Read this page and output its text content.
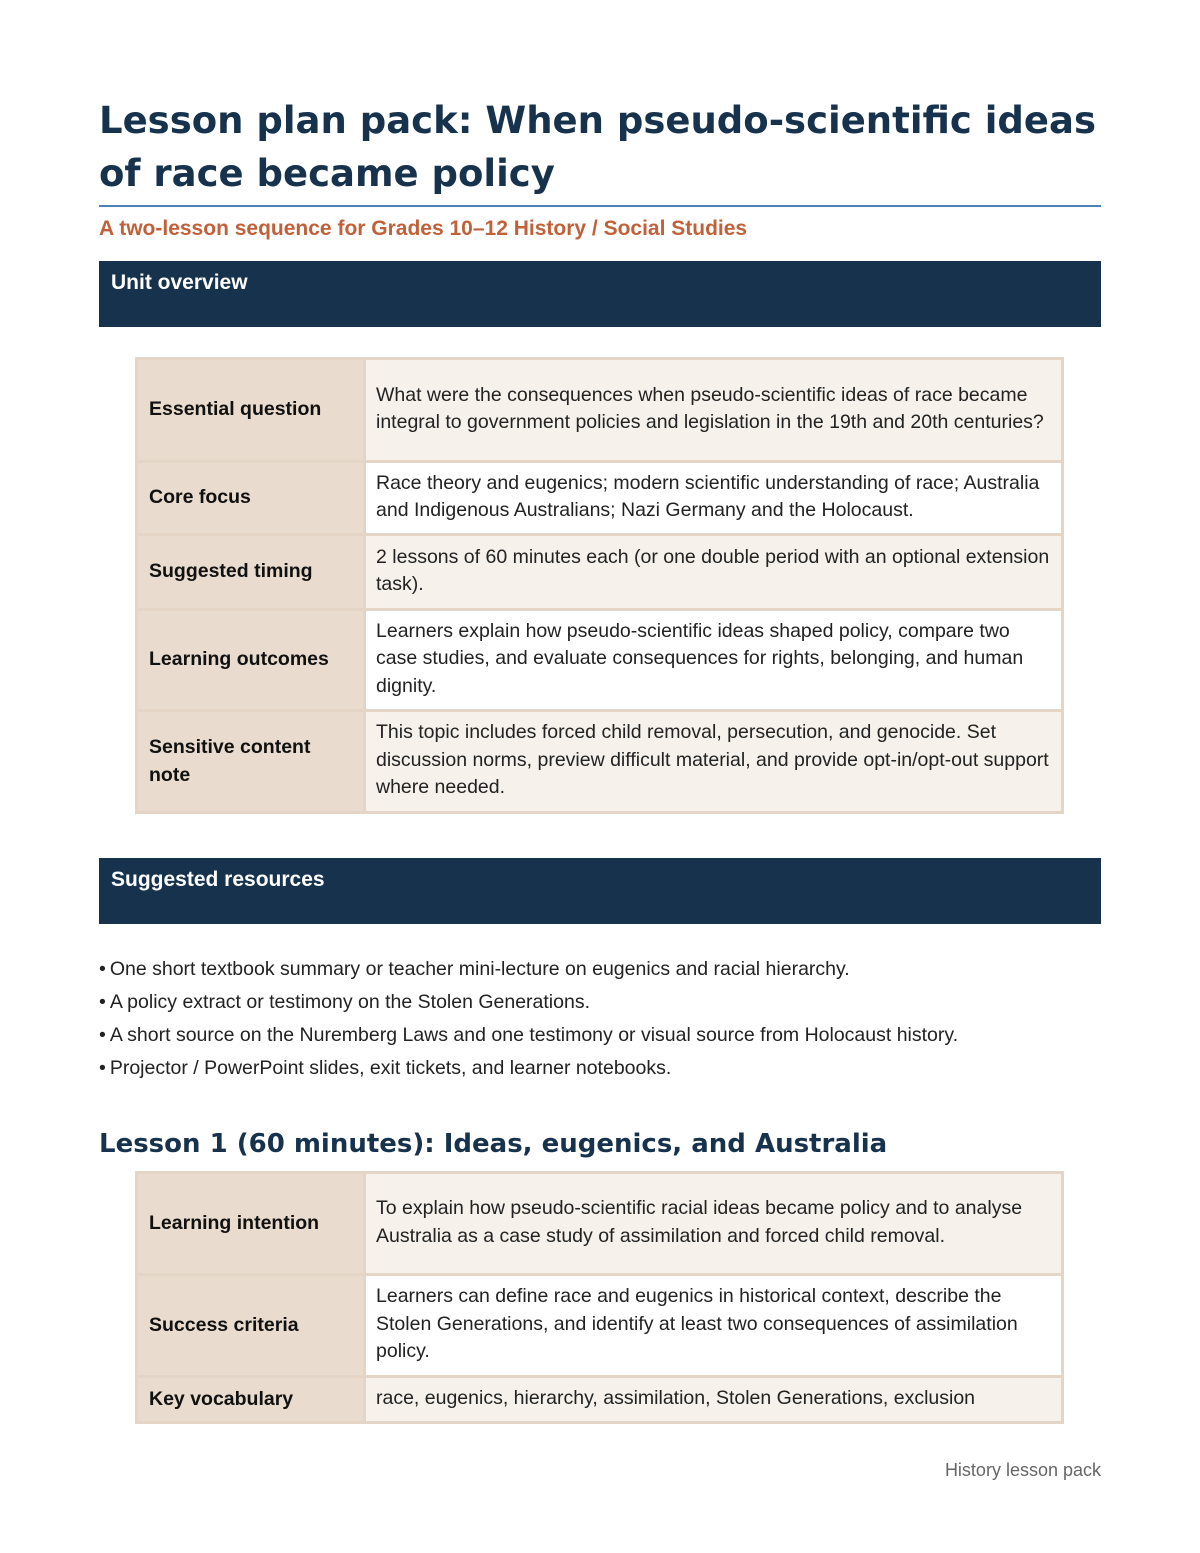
Lesson plan pack: When pseudo-scientific ideas of race became policy

A two-lesson sequence for Grades 10–12 History / Social Studies

Unit overview
Essential question	What were the consequences when pseudo-scientific ideas of race became integral to government policies and legislation in the 19th and 20th centuries?
Core focus	Race theory and eugenics; modern scientific understanding of race; Australia and Indigenous Australians; Nazi Germany and the Holocaust.
Suggested timing	2 lessons of 60 minutes each (or one double period with an optional extension task).
Learning outcomes	Learners explain how pseudo-scientific ideas shaped policy, compare two case studies, and evaluate consequences for rights, belonging, and human dignity.
Sensitive content note	This topic includes forced child removal, persecution, and genocide. Set discussion norms, preview difficult material, and provide opt-in/opt-out support where needed.
Suggested resources
• One short textbook summary or teacher mini-lecture on eugenics and racial hierarchy.
• A policy extract or testimony on the Stolen Generations.
• A short source on the Nuremberg Laws and one testimony or visual source from Holocaust history.
• Projector / PowerPoint slides, exit tickets, and learner notebooks.
Lesson 1 (60 minutes): Ideas, eugenics, and Australia
Learning intention	To explain how pseudo-scientific racial ideas became policy and to analyse Australia as a case study of assimilation and forced child removal.
Success criteria	Learners can define race and eugenics in historical context, describe the Stolen Generations, and identify at least two consequences of assimilation policy.
Key vocabulary	race, eugenics, hierarchy, assimilation, Stolen Generations, exclusion
History lesson pack
